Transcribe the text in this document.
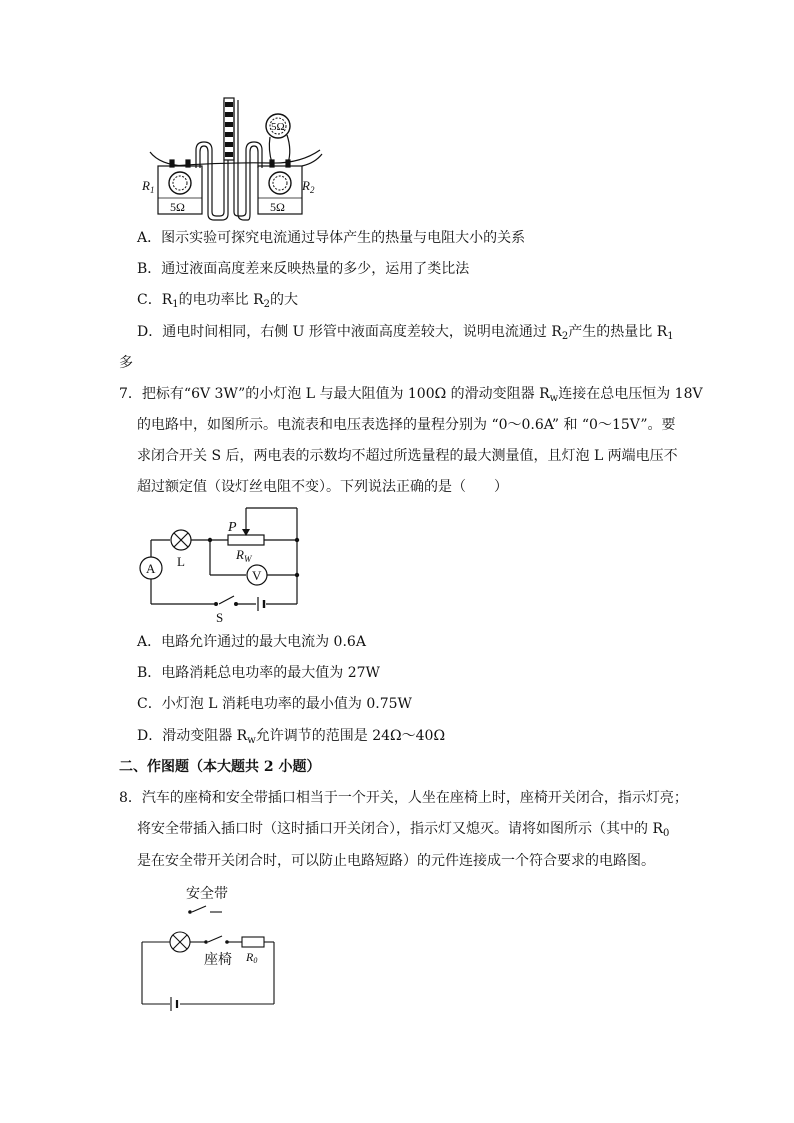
$R_1$	$R_2$
5Ω	5Ω
5Ω
A．图示实验可探究电流通过导体产生的热量与电阻大小的关系
B．通过液面高度差来反映热量的多少，运用了类比法
C．$R_1$的电功率比 $R_2$的大
D．通电时间相同，右侧 U 形管中液面高度差较大，说明电流通过 $R_2$产生的热量比 $R_1$
多
7．把标有“6V 3W”的小灯泡 L 与最大阻值为 100Ω 的滑动变阻器 $R_w$连接在总电压恒为 18V
的电路中，如图所示。电流表和电压表选择的量程分别为 “0～0.6A” 和 “0～15V”。要
求闭合开关 S 后，两电表的示数均不超过所选量程的最大测量值，且灯泡 L 两端电压不
超过额定值（设灯丝电阻不变）。下列说法正确的是（　　）
A L
P
$R_W$
V
S
A．电路允许通过的最大电流为 0.6A
B．电路消耗总电功率的最大值为 27W
C．小灯泡 L 消耗电功率的最小值为 0.75W
D．滑动变阻器 $R_w$允许调节的范围是 24Ω～40Ω
二、作图题（本大题共 2 小题）
8．汽车的座椅和安全带插口相当于一个开关，人坐在座椅上时，座椅开关闭合，指示灯亮；
将安全带插入插口时（这时插口开关闭合），指示灯又熄灭。请将如图所示（其中的 $R_0$
是在安全带开关闭合时，可以防止电路短路）的元件连接成一个符合要求的电路图。
安全带
座椅 R0
